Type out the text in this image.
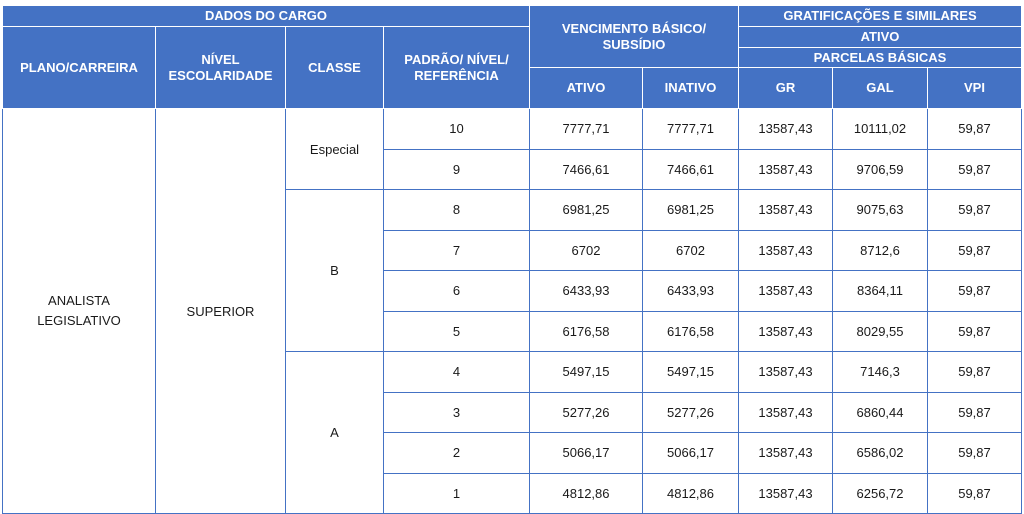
DADOS DO CARGO				VENCIMENTO BÁSICO/ SUBSÍDIO		GRATIFICAÇÕES E SIMILARES		
PLANO/CARREIRA	NÍVEL ESCOLARIDADE	CLASSE	PADRÃO/ NÍVEL/ REFERÊNCIA			ATIVO		
						PARCELAS BÁSICAS		
				ATIVO	INATIVO	GR	GAL	VPI
ANALISTA LEGISLATIVO	SUPERIOR	Especial	10	7777,71	7777,71	13587,43	10111,02	59,87
			9	7466,61	7466,61	13587,43	9706,59	59,87
		B	8	6981,25	6981,25	13587,43	9075,63	59,87
			7	6702	6702	13587,43	8712,6	59,87
			6	6433,93	6433,93	13587,43	8364,11	59,87
			5	6176,58	6176,58	13587,43	8029,55	59,87
		A	4	5497,15	5497,15	13587,43	7146,3	59,87
			3	5277,26	5277,26	13587,43	6860,44	59,87
			2	5066,17	5066,17	13587,43	6586,02	59,87
			1	4812,86	4812,86	13587,43	6256,72	59,87
